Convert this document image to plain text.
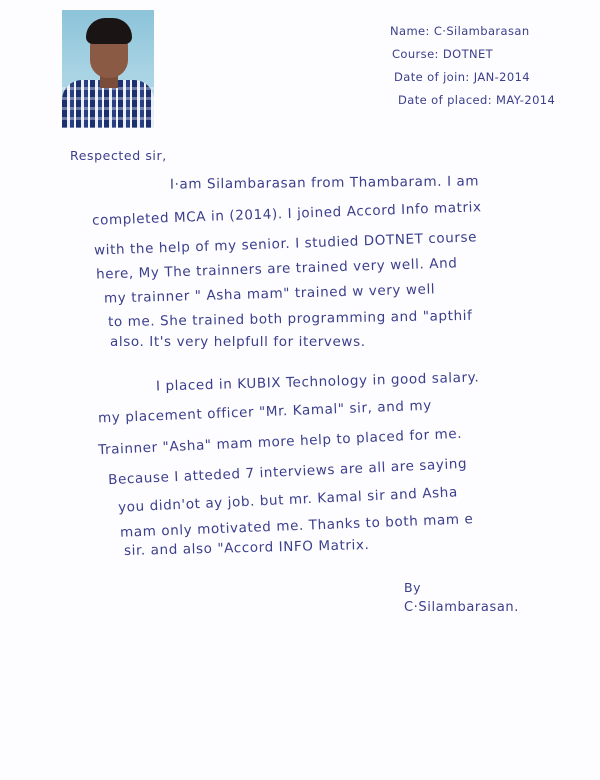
Name: C·Silambarasan
Course: DOTNET
Date of join: JAN-2014
Date of placed: MAY-2014
Respected sir,
I·am Silambarasan from Thambaram. I am
completed MCA in (2014). I joined Accord Info matrix
with the help of my senior. I studied DOTNET course
here, My The trainners are trained very well. And
my trainner " Asha mam" trained w very well
to me. She trained both programming and "apthif
also. It's very helpfull for itervews.
I placed in KUBIX Technology in good salary.
my placement officer "Mr. Kamal" sir, and my
Trainner "Asha" mam more help to placed for me.
Because I atteded 7 interviews are all are saying
you didn'ot ay job. but mr. Kamal sir and Asha
mam only motivated me. Thanks to both mam e
sir. and also "Accord INFO Matrix.
By
C·Silambarasan.
